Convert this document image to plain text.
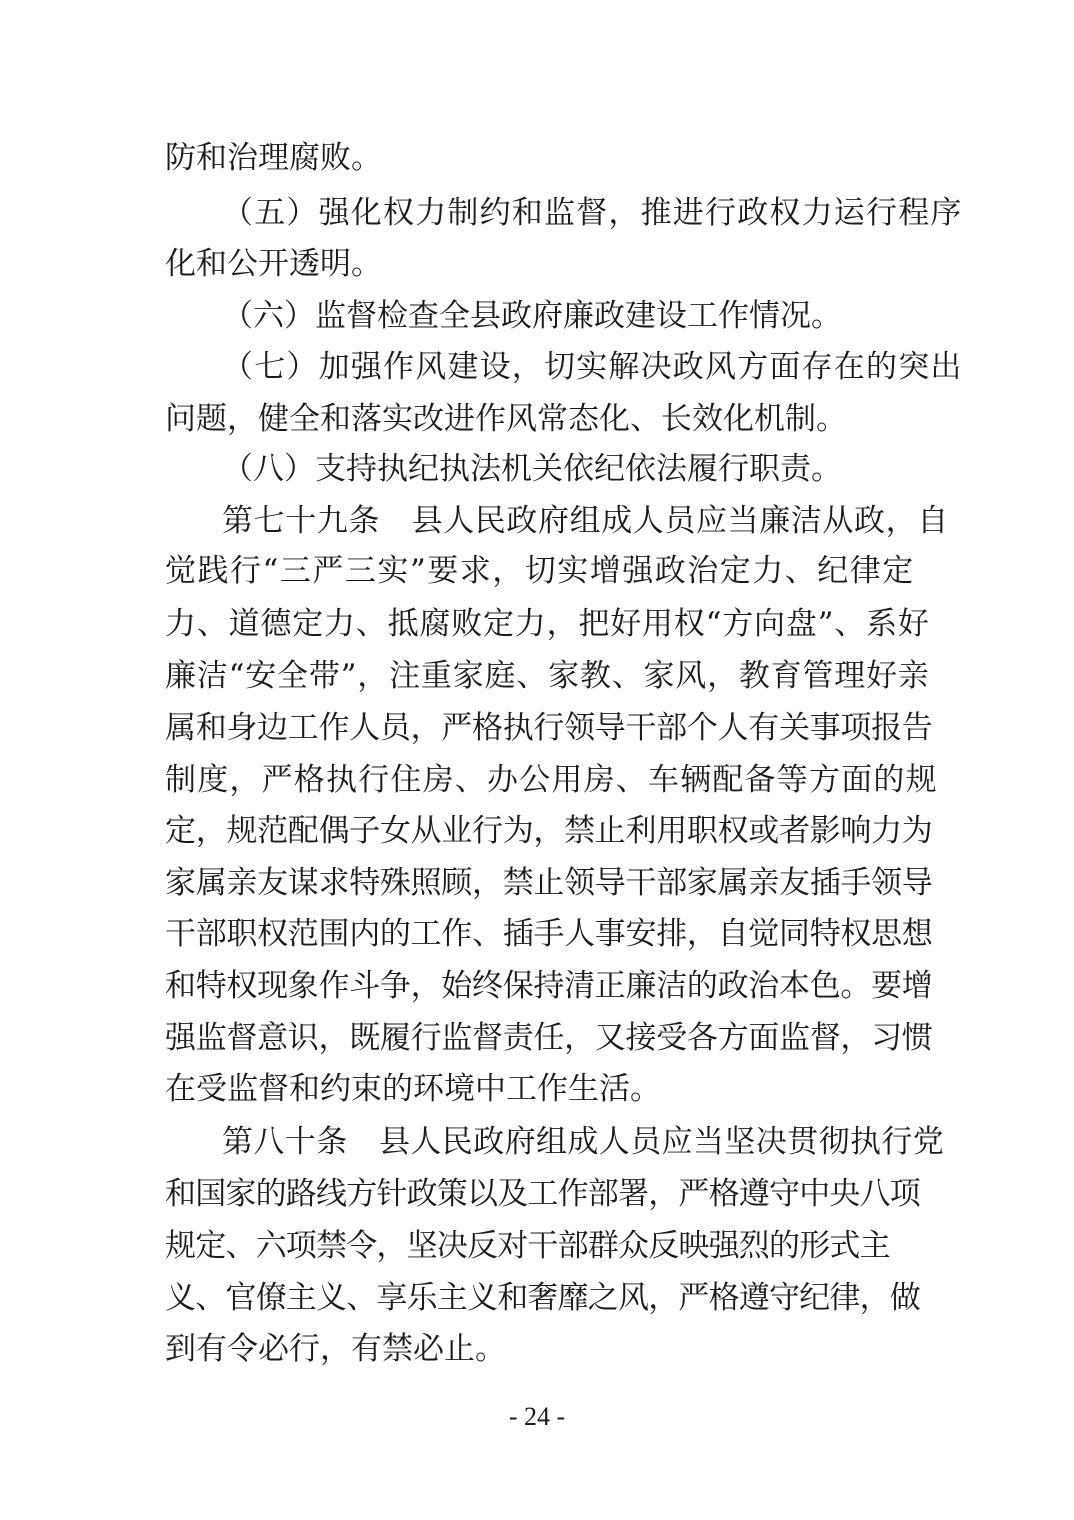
防和治理腐败。
（五）强化权力制约和监督，推进行政权力运行程序
化和公开透明。
（六）监督检查全县政府廉政建设工作情况。
（七）加强作风建设，切实解决政风方面存在的突出
问题，健全和落实改进作风常态化、长效化机制。
（八）支持执纪执法机关依纪依法履行职责。
第七十九条　县人民政府组成人员应当廉洁从政，自
觉践行“三严三实”要求，切实增强政治定力、纪律定
力、道德定力、抵腐败定力，把好用权“方向盘”、系好
廉洁“安全带”，注重家庭、家教、家风，教育管理好亲
属和身边工作人员，严格执行领导干部个人有关事项报告
制度，严格执行住房、办公用房、车辆配备等方面的规
定，规范配偶子女从业行为，禁止利用职权或者影响力为
家属亲友谋求特殊照顾，禁止领导干部家属亲友插手领导
干部职权范围内的工作、插手人事安排，自觉同特权思想
和特权现象作斗争，始终保持清正廉洁的政治本色。要增
强监督意识，既履行监督责任，又接受各方面监督，习惯
在受监督和约束的环境中工作生活。
第八十条　县人民政府组成人员应当坚决贯彻执行党
和国家的路线方针政策以及工作部署，严格遵守中央八项
规定、六项禁令，坚决反对干部群众反映强烈的形式主
义、官僚主义、享乐主义和奢靡之风，严格遵守纪律，做
到有令必行，有禁必止。
- 24 -
